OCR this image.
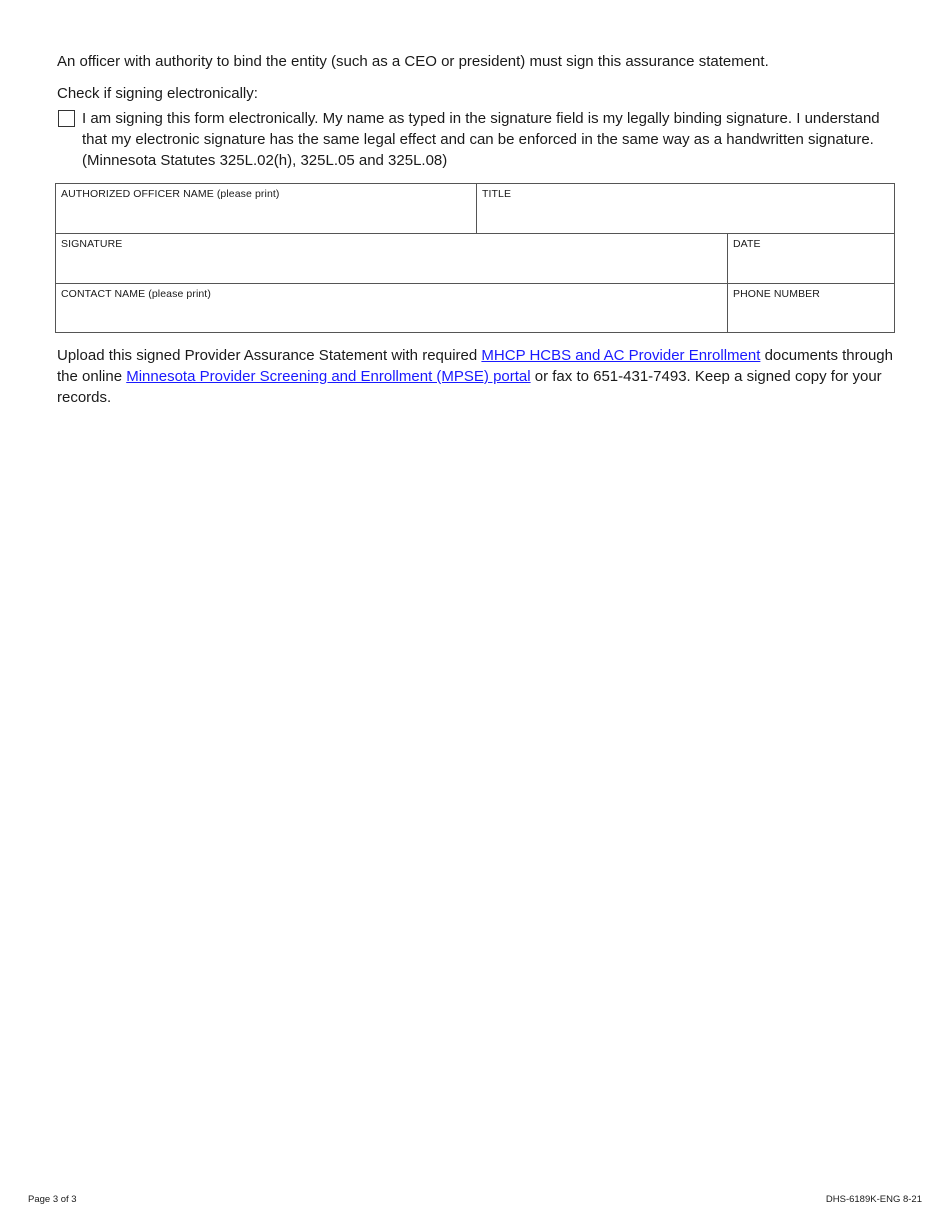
An officer with authority to bind the entity (such as a CEO or president) must sign this assurance statement.

Check if signing electronically:

I am signing this form electronically. My name as typed in the signature field is my legally binding signature. I understand that my electronic signature has the same legal effect and can be enforced in the same way as a handwritten signature. (Minnesota Statutes 325L.02(h), 325L.05 and 325L.08)

AUTHORIZED OFFICER NAME (please print)	TITLE
SIGNATURE	DATE
CONTACT NAME (please print)	PHONE NUMBER

Upload this signed Provider Assurance Statement with required MHCP HCBS and AC Provider Enrollment documents through the online Minnesota Provider Screening and Enrollment (MPSE) portal or fax to 651-431-7493. Keep a signed copy for your records.

Page 3 of 3	DHS-6189K-ENG 8-21
